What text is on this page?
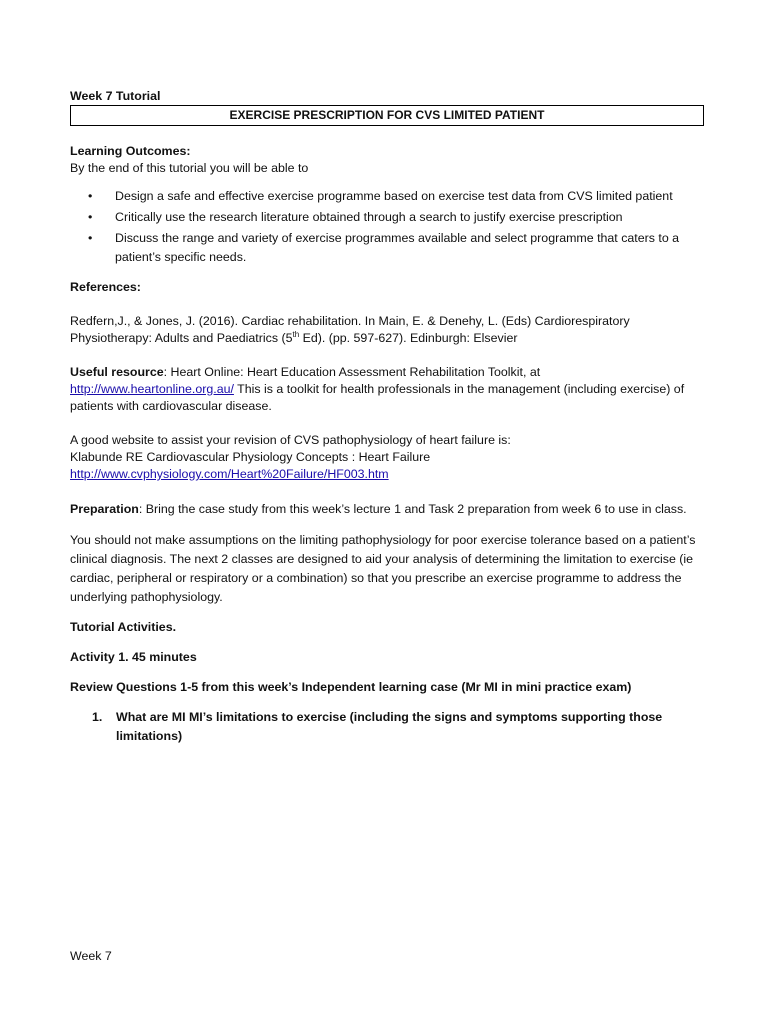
Week 7 Tutorial

EXERCISE PRESCRIPTION FOR CVS LIMITED PATIENT

Learning Outcomes:

By the end of this tutorial you will be able to

• Design a safe and effective exercise programme based on exercise test data from CVS limited patient
• Critically use the research literature obtained through a search to justify exercise prescription
• Discuss the range and variety of exercise programmes available and select programme that caters to a patient’s specific needs.

References:

Redfern,J., & Jones, J. (2016). Cardiac rehabilitation. In Main, E. & Denehy, L. (Eds) Cardiorespiratory Physiotherapy: Adults and Paediatrics (5th Ed). (pp. 597-627). Edinburgh: Elsevier

Useful resource: Heart Online: Heart Education Assessment Rehabilitation Toolkit, at
http://www.heartonline.org.au/ This is a toolkit for health professionals in the management (including exercise) of patients with cardiovascular disease.

A good website to assist your revision of CVS pathophysiology of heart failure is:

Klabunde RE Cardiovascular Physiology Concepts : Heart Failure

http://www.cvphysiology.com/Heart%20Failure/HF003.htm

Preparation: Bring the case study from this week’s lecture 1 and Task 2 preparation from week 6 to use in class.

You should not make assumptions on the limiting pathophysiology for poor exercise tolerance based on a patient’s clinical diagnosis. The next 2 classes are designed to aid your analysis of determining the limitation to exercise (ie cardiac, peripheral or respiratory or a combination) so that you prescribe an exercise programme to address the underlying pathophysiology.

Tutorial Activities.

Activity 1. 45 minutes

Review Questions 1-5 from this week’s Independent learning case (Mr MI in mini practice exam)

1. What are MI MI’s limitations to exercise (including the signs and symptoms supporting those limitations)
Week 7
